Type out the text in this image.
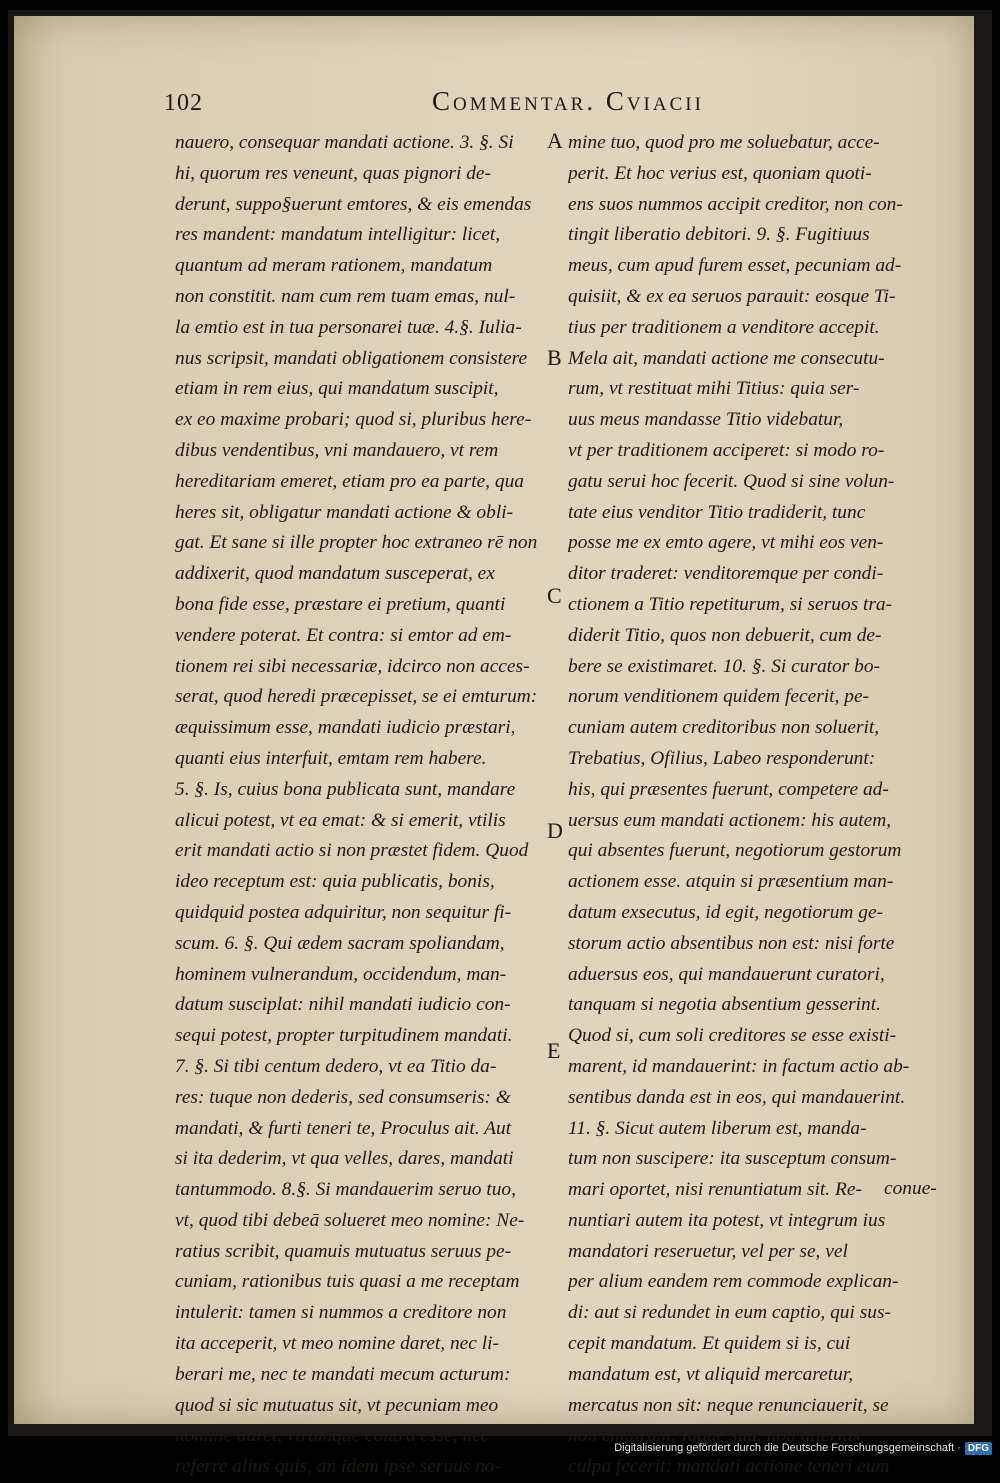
102	Commentar. Cviacii
nauero, consequar mandati actione. 3. §. Si
hi, quorum res veneunt, quas pignori de-
derunt, suppo§uerunt emtores, & eis emendas
res mandent: mandatum intelligitur: licet,
quantum ad meram rationem, mandatum
non constitit. nam cum rem tuam emas, nul-
la emtio est in tua personarei tuæ. 4.§. Iulia-
nus scripsit, mandati obligationem consistere
etiam in rem eius, qui mandatum suscipit,
ex eo maxime probari; quod si, pluribus here-
dibus vendentibus, vni mandauero, vt rem
hereditariam emeret, etiam pro ea parte, qua
heres sit, obligatur mandati actione & obli-
gat. Et sane si ille propter hoc extraneo rē non
addixerit, quod mandatum susceperat, ex
bona fide esse, præstare ei pretium, quanti
vendere poterat. Et contra: si emtor ad em-
tionem rei sibi necessariæ, idcirco non acces-
serat, quod heredi præcepisset, se ei emturum:
æquissimum esse, mandati iudicio præstari,
quanti eius interfuit, emtam rem habere.
5. §. Is, cuius bona publicata sunt, mandare
alicui potest, vt ea emat: & si emerit, vtilis
erit mandati actio si non præstet fidem. Quod
ideo receptum est: quia publicatis, bonis,
quidquid postea adquiritur, non sequitur fi-
scum. 6. §. Qui ædem sacram spoliandam,
hominem vulnerandum, occidendum, man-
datum susciplat: nihil mandati iudicio con-
sequi potest, propter turpitudinem mandati.
7. §. Si tibi centum dedero, vt ea Titio da-
res: tuque non dederis, sed consumseris: &
mandati, & furti teneri te, Proculus ait. Aut
si ita dederim, vt qua velles, dares, mandati
tantummodo. 8.§. Si mandauerim seruo tuo,
vt, quod tibi debeā solueret meo nomine: Ne-
ratius scribit, quamuis mutuatus seruus pe-
cuniam, rationibus tuis quasi a me receptam
intulerit: tamen si nummos a creditore non
ita acceperit, vt meo nomine daret, nec li-
berari me, nec te mandati mecum acturum:
quod si sic mutuatus sit, vt pecuniam meo
nomine daret, vtrumque contra esse, nec
referre alius quis, an idem ipse seruus no-
mine tuo, quod pro me soluebatur, acce-
perit. Et hoc verius est, quoniam quoti-
ens suos nummos accipit creditor, non con-
tingit liberatio debitori. 9. §. Fugitiuus
meus, cum apud furem esset, pecuniam ad-
quisiit, & ex ea seruos parauit: eosque Ti-
tius per traditionem a venditore accepit.
Mela ait, mandati actione me consecutu-
rum, vt restituat mihi Titius: quia ser-
uus meus mandasse Titio videbatur,
vt per traditionem acciperet: si modo ro-
gatu serui hoc fecerit. Quod si sine volun-
tate eius venditor Titio tradiderit, tunc
posse me ex emto agere, vt mihi eos ven-
ditor traderet: venditoremque per condi-
ctionem a Titio repetiturum, si seruos tra-
diderit Titio, quos non debuerit, cum de-
bere se existimaret. 10. §. Si curator bo-
norum venditionem quidem fecerit, pe-
cuniam autem creditoribus non soluerit,
Trebatius, Ofilius, Labeo responderunt:
his, qui præsentes fuerunt, competere ad-
uersus eum mandati actionem: his autem,
qui absentes fuerunt, negotiorum gestorum
actionem esse. atquin si præsentium man-
datum exsecutus, id egit, negotiorum ge-
storum actio absentibus non est: nisi forte
aduersus eos, qui mandauerunt curatori,
tanquam si negotia absentium gesserint.
Quod si, cum soli creditores se esse existi-
marent, id mandauerint: in factum actio ab-
sentibus danda est in eos, qui mandauerint.
11. §. Sicut autem liberum est, manda-
tum non suscipere: ita susceptum consum-
mari oportet, nisi renuntiatum sit. Re-
nuntiari autem ita potest, vt integrum ius
mandatori reseruetur, vel per se, vel
per alium eandem rem commode explican-
di: aut si redundet in eum captio, qui sus-
cepit mandatum. Et quidem si is, cui
mandatum est, vt aliquid mercaretur,
mercatus non sit: neque renunciauerit, se
non emturum: idque sua, non alterius
culpa fecerit: mandati actione teneri eum
A
B
C
D
E
conue-
Digitalisierung gefördert durch die Deutsche Forschungsgemeinschaft · DFG
